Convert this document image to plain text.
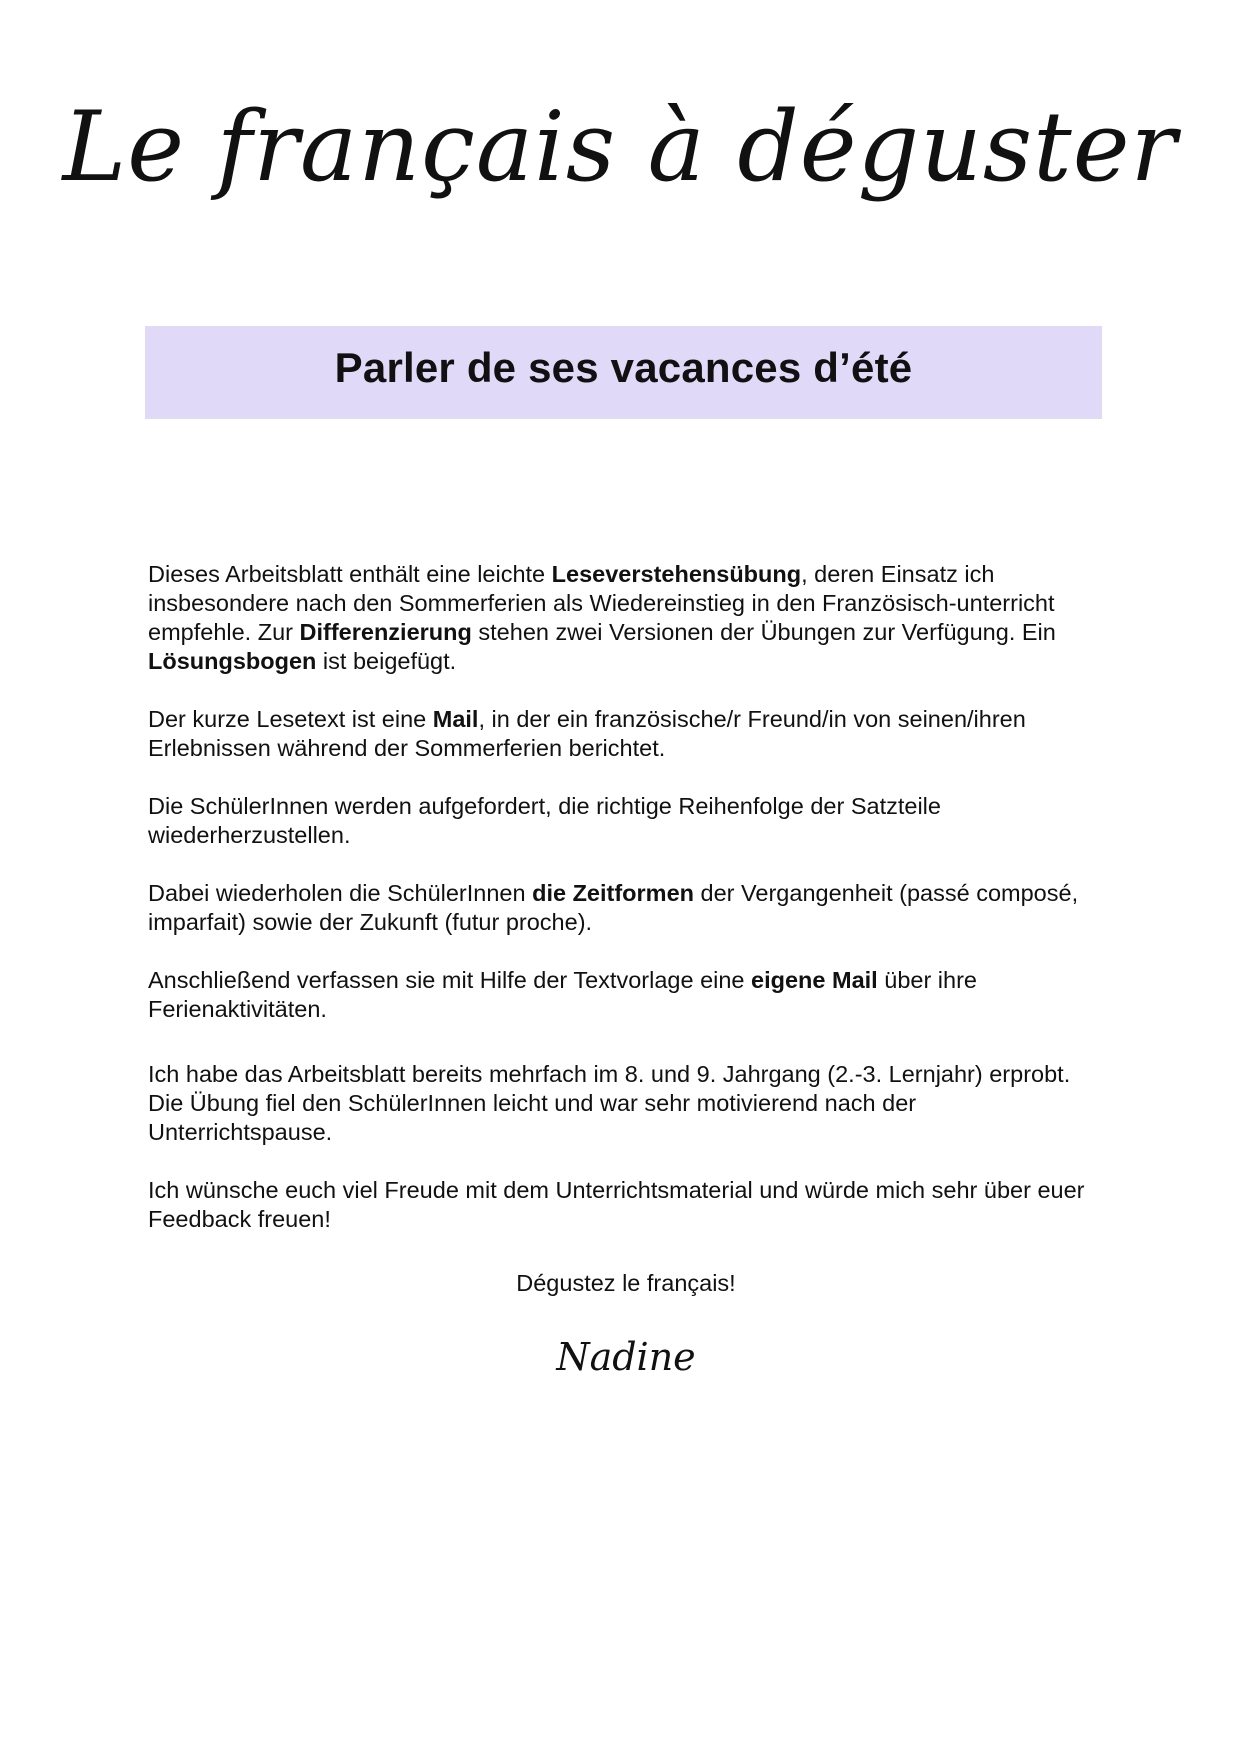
Le français à déguster
Parler de ses vacances d’été

Dieses Arbeitsblatt enthält eine leichte Leseverstehensübung, deren Einsatz ich insbesondere nach den Sommerferien als Wiedereinstieg in den Französisch-unterricht empfehle. Zur Differenzierung stehen zwei Versionen der Übungen zur Verfügung. Ein Lösungsbogen ist beigefügt.

Der kurze Lesetext ist eine Mail, in der ein französische/r Freund/in von seinen/ihren Erlebnissen während der Sommerferien berichtet.

Die SchülerInnen werden aufgefordert, die richtige Reihenfolge der Satzteile wiederherzustellen.

Dabei wiederholen die SchülerInnen die Zeitformen der Vergangenheit (passé composé, imparfait) sowie der Zukunft (futur proche).

Anschließend verfassen sie mit Hilfe der Textvorlage eine eigene Mail über ihre Ferienaktivitäten.

Ich habe das Arbeitsblatt bereits mehrfach im 8. und 9. Jahrgang (2.-3. Lernjahr) erprobt. Die Übung fiel den SchülerInnen leicht und war sehr motivierend nach der Unterrichtspause.

Ich wünsche euch viel Freude mit dem Unterrichtsmaterial und würde mich sehr über euer Feedback freuen!

Dégustez le français!
Nadine
